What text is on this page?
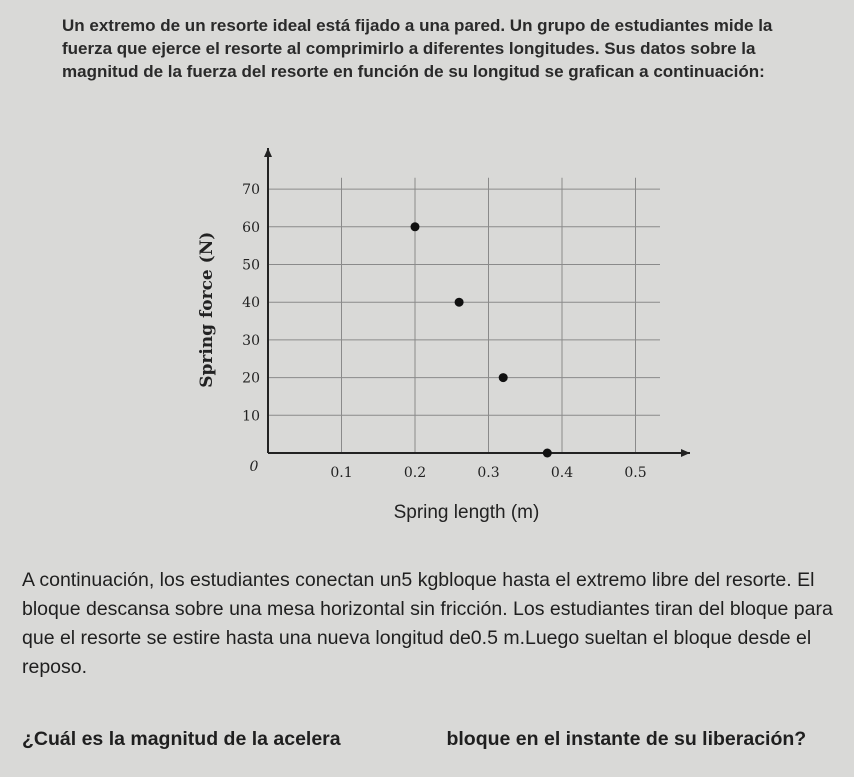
Un extremo de un resorte ideal está fijado a una pared. Un grupo de estudiantes mide la fuerza que ejerce el resorte al comprimirlo a diferentes longitudes. Sus datos sobre la magnitud de la fuerza del resorte en función de su longitud se grafican a continuación:
10
20
30
40
50
60
70
0.1	0.2	0.3	0.4	0.5
0
Spring force (N)
Spring length (m)
A continuación, los estudiantes conectan un5 kgbloque hasta el extremo libre del resorte. El bloque descansa sobre una mesa horizontal sin fricción. Los estudiantes tiran del bloque para que el resorte se estire hasta una nueva longitud de0.5 m.Luego sueltan el bloque desde el reposo.
¿Cuál es la magnitud de la acelera	bloque en el instante de su liberación?
